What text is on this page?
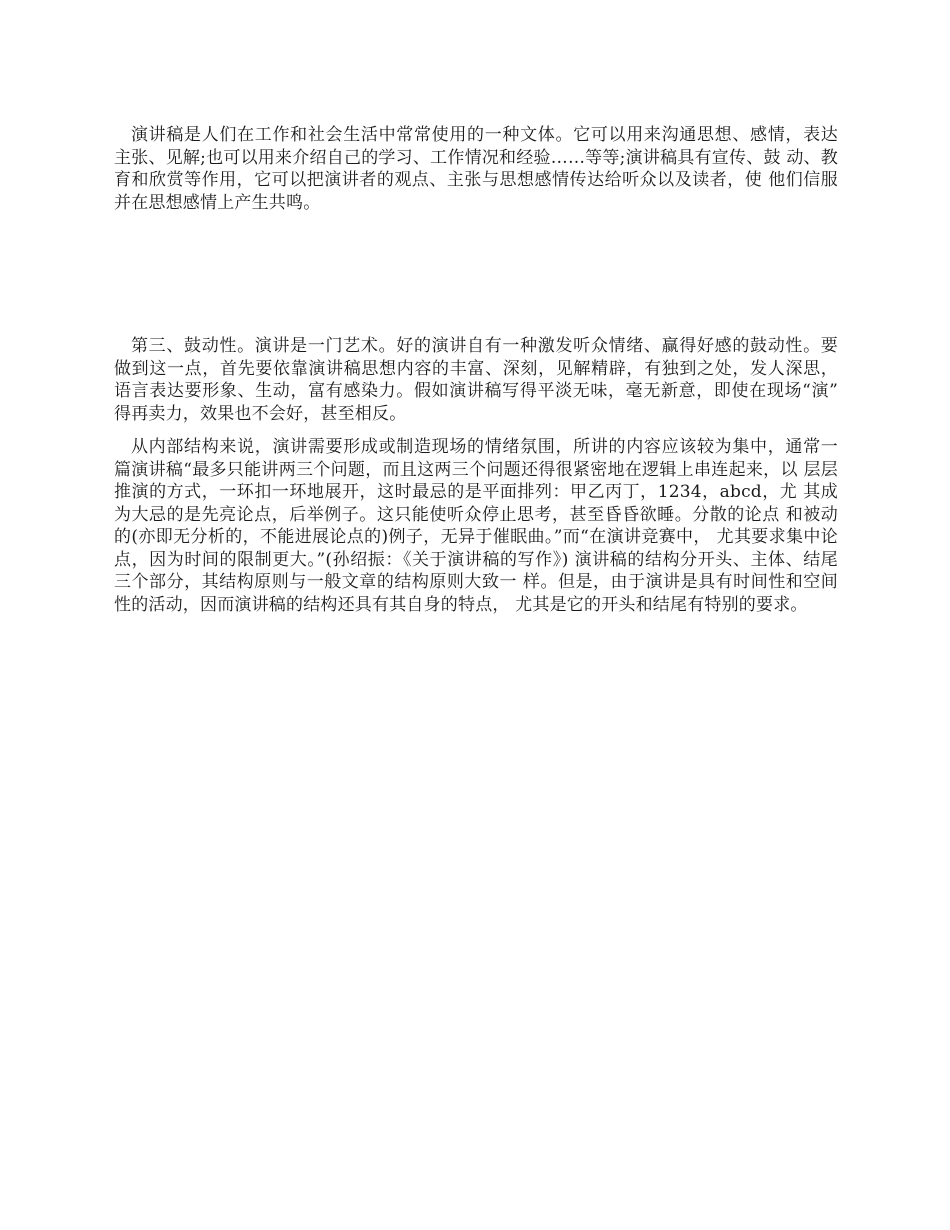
演讲稿是人们在工作和社会生活中常常使用的一种文体。它可以用来沟通思想、感情，表达 主张、见解;也可以用来介绍自己的学习、工作情况和经验……等等;演讲稿具有宣传、鼓 动、教育和欣赏等作用，它可以把演讲者的观点、主张与思想感情传达给听众以及读者，使 他们信服并在思想感情上产生共鸣。

第三、鼓动性。演讲是一门艺术。好的演讲自有一种激发听众情绪、赢得好感的鼓动性。要 做到这一点，首先要依靠演讲稿思想内容的丰富、深刻，见解精辟，有独到之处，发人深思， 语言表达要形象、生动，富有感染力。假如演讲稿写得平淡无味，毫无新意，即使在现场“演” 得再卖力，效果也不会好，甚至相反。

从内部结构来说，演讲需要形成或制造现场的情绪氛围，所讲的内容应该较为集中，通常一 篇演讲稿“最多只能讲两三个问题，而且这两三个问题还得很紧密地在逻辑上串连起来，以 层层推演的方式，一环扣一环地展开，这时最忌的是平面排列：甲乙丙丁，1234，abcd，尤 其成为大忌的是先亮论点，后举例子。这只能使听众停止思考，甚至昏昏欲睡。分散的论点 和被动的(亦即无分析的，不能进展论点的)例子，无异于催眠曲。”而“在演讲竞赛中， 尤其要求集中论点，因为时间的限制更大。”(孙绍振：《关于演讲稿的写作》) 演讲稿的结构分开头、主体、结尾三个部分，其结构原则与一般文章的结构原则大致一 样。但是，由于演讲是具有时间性和空间性的活动，因而演讲稿的结构还具有其自身的特点， 尤其是它的开头和结尾有特别的要求。
